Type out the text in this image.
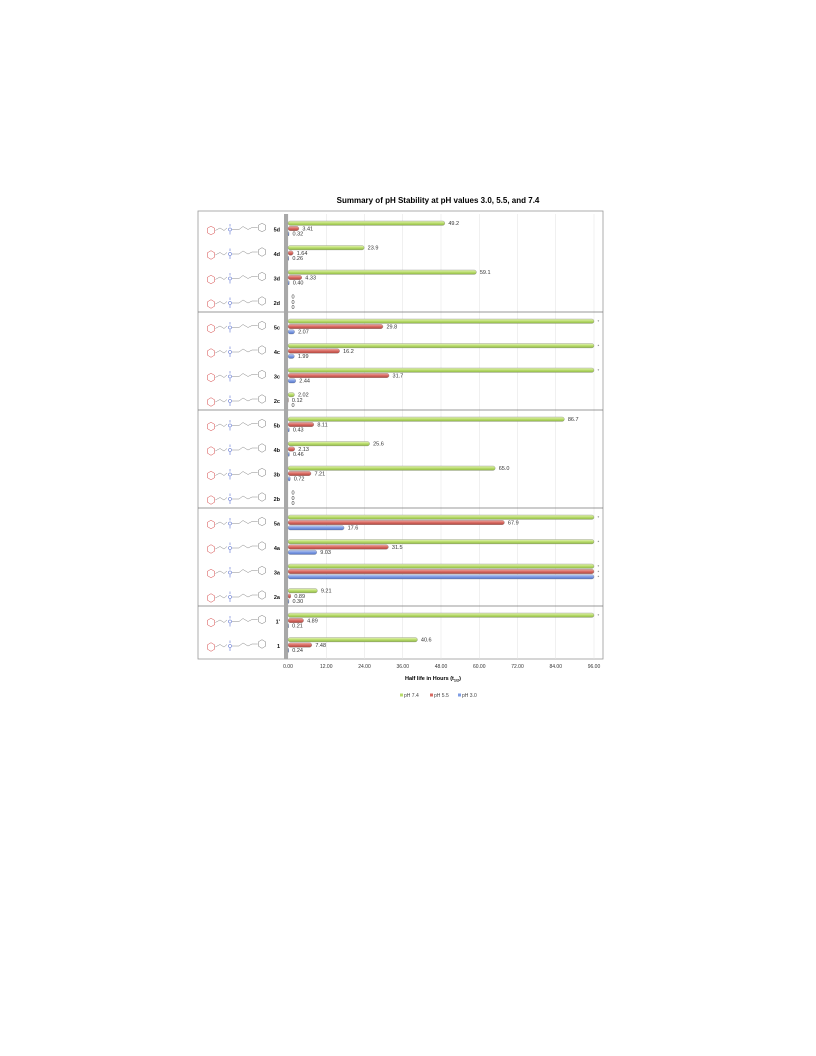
Summary of pH Stability at pH values 3.0, 5.5, and 7.4
49.2
3.41
0.32
23.9
1.64
0.26
59.1
4.33
0.40
0
0
0
*
29.8
2.07
*
16.2
1.99
*
31.7
2.44
2.02
0.12
0
86.7
8.11
0.43
25.6
2.13
0.46
65.0
7.21
0.72
0
0
0
*
67.9
17.6
*
31.5
9.03
*
*
*
9.21
0.89
0.30
*
4.89
0.21
40.6
7.48
0.24
5d
4d
3d
2d
5c
4c
3c
2c
5b
4b
3b
2b
5a
4a
3a
2a
1'
1
0.00	12.00	24.00	36.00	48.00	60.00	72.00	84.00	96.00
Half life in Hours $(t_{1/2})$
pH 7.4	pH 5.5	pH 3.0
